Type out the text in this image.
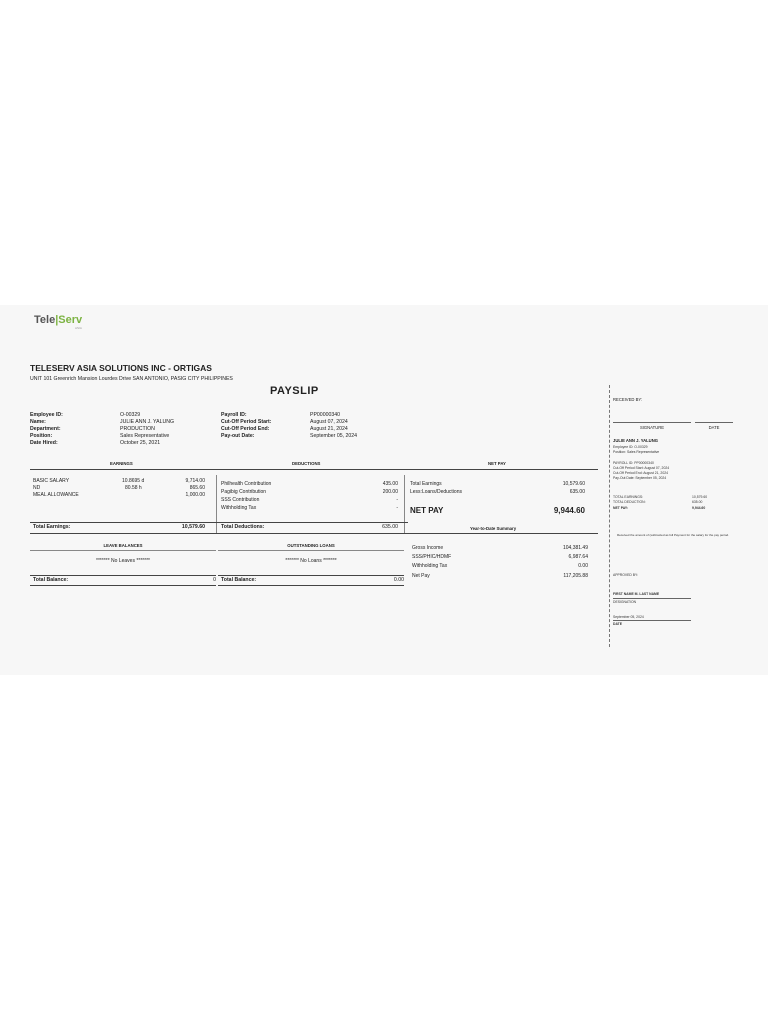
Tele|Serv
ASIA
TELESERV ASIA SOLUTIONS INC - ORTIGAS
UNIT 101 Greenrich Mansion Lourdes Drive SAN ANTONIO, PASIG CITY PHILIPPINES
PAYSLIP
Employee ID:	O-00329
Name:	JULIE ANN J. YALUNG
Department:	PRODUCTION
Position:	Sales Representative
Date Hired:	October 25, 2021
Payroll ID:	PP00000340
Cut-Off Period Start:	August 07, 2024
Cut-Off Period End:	August 21, 2024
Pay-out Date:	September 05, 2024
EARNINGS	DEDUCTIONS	NET PAY
BASIC SALARY	10.8695 d	9,714.00
ND	80.58 h	865.60
MEAL ALLOWANCE	1,000.00
Philhealth Contribution	435.00
Pagibig Contribution	200.00
SSS Contribution	-
Withholding Tax	-
Total Earnings	10,579.60
Less:Loans/Deductions	635.00
NET PAY	9,944.60
Total Earnings:	10,579.60	Total Deductions:	635.00	Year-to-Date Summary
LEAVE BALANCES
******* No Leaves *******
Total Balance:	0
OUTSTANDING LOANS
******* No Loans *******
Total Balance:	0.00
Gross Income	104,381.49
SSS/PHIC/HDMF	6,987.64
Withholding Tax	0.00
Net Pay	117,205.88
RECEIVED BY:
SIGNATURE	DATE
JULIE ANN J. YALUNG
Employee ID: O-00329
Position: Sales Representative
PAYROLL ID: PP00000340
Cut-Off Period Start: August 07, 2024
Cut-Off Period End: August 21, 2024
Pay-Out Date: September 05, 2024
TOTAL EARNINGS:	10,579.60
TOTAL DEDUCTION:	635.00
NET PAY:	9,944.60
Received the amount of (subtracted as full Payment for the salary for the pay period.
APPROVED BY:
FIRST NAME M. LAST NAME
DESIGNATION
September 05, 2024
DATE
